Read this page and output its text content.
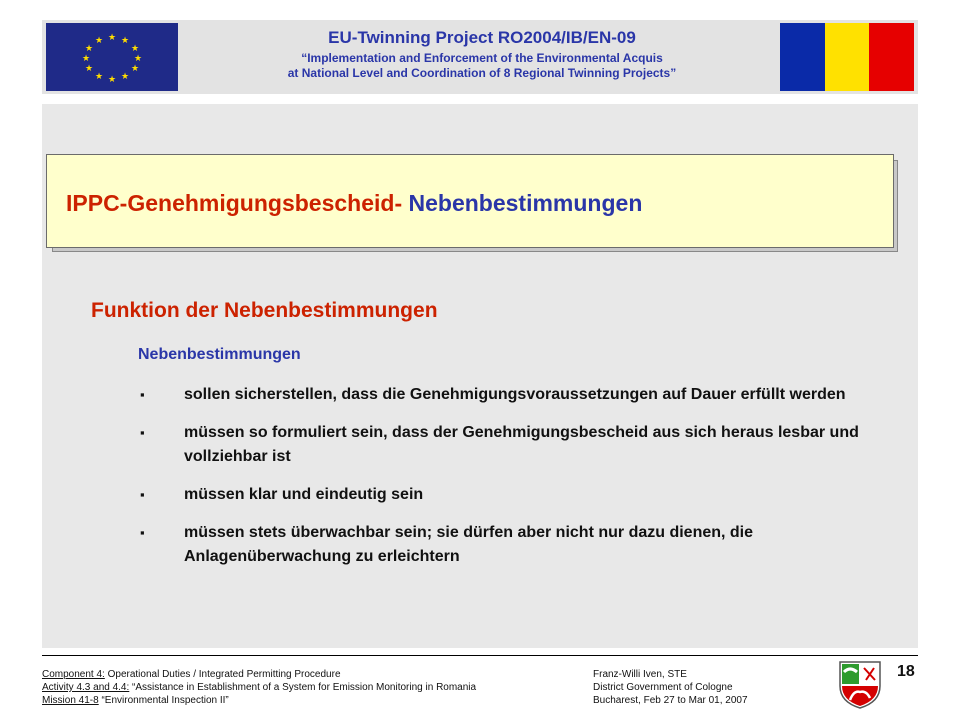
★ ★
★
★
★
★
★
★
★
★
★
★	EU-Twinning Project RO2004/IB/EN-09
“Implementation and Enforcement of the Environmental Acquis
at National Level and Coordination of 8 Regional Twinning Projects”
IPPC-Genehmigungsbescheid- Nebenbestimmungen
Funktion der Nebenbestimmungen
Nebenbestimmungen
▪	sollen sicherstellen, dass die Genehmigungsvoraussetzungen auf Dauer erfüllt werden
▪	müssen so formuliert sein, dass der Genehmigungsbescheid aus sich heraus lesbar und vollziehbar ist
▪	müssen klar und eindeutig sein
▪	müssen stets überwachbar sein; sie dürfen aber nicht nur dazu dienen, die Anlagenüberwachung zu erleichtern
Component 4: Operational Duties / Integrated Permitting Procedure
Activity 4.3 and 4.4: “Assistance in Establishment of a System for Emission Monitoring in Romania
Mission 41-8 “Environmental Inspection II”
Franz-Willi Iven, STE
District Government of Cologne
Bucharest, Feb 27 to Mar 01, 2007
18
